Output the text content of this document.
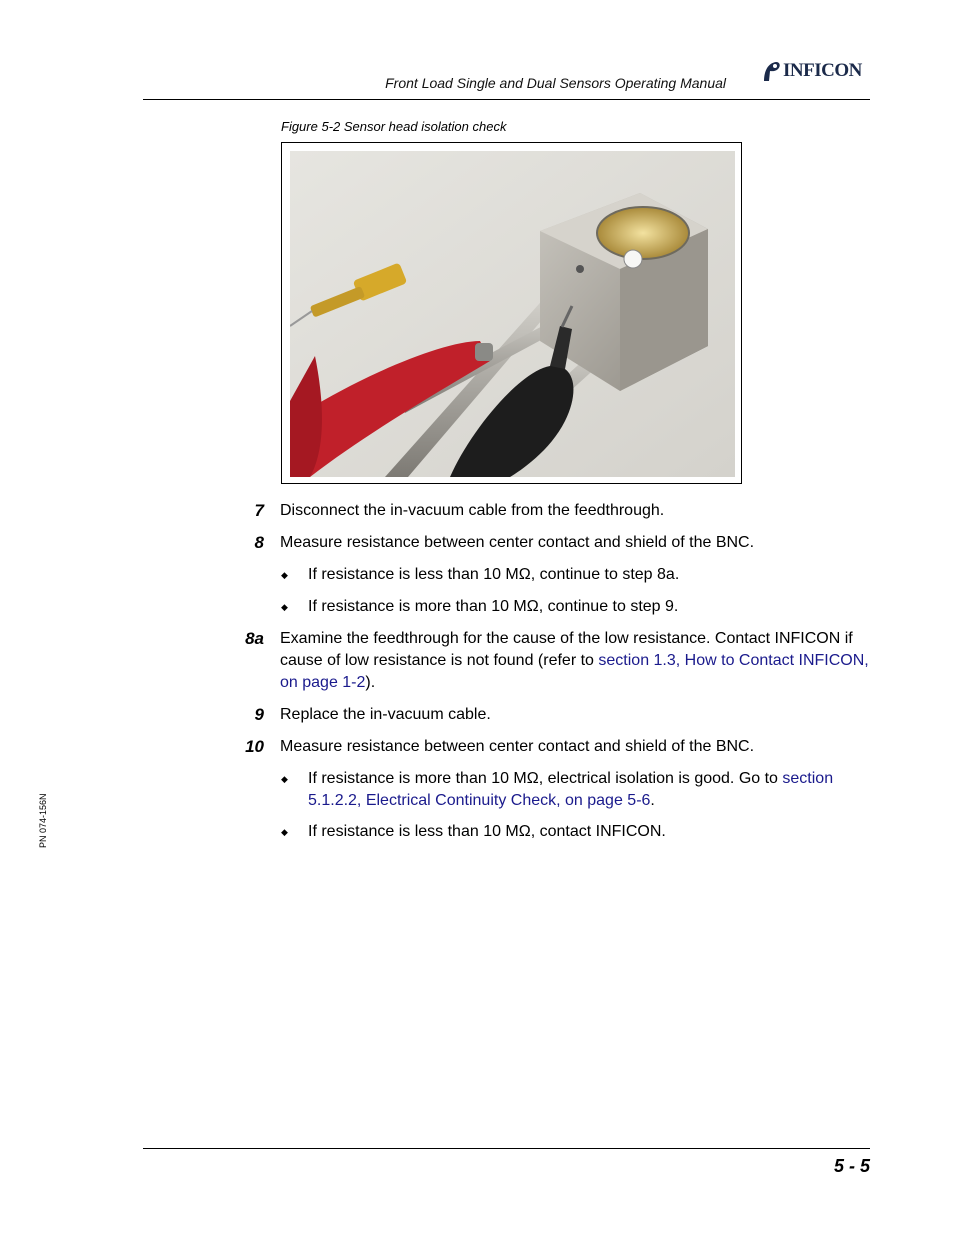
Front Load Single and Dual Sensors Operating Manual
INFICON
Figure 5-2 Sensor head isolation check
7 Disconnect the in-vacuum cable from the feedthrough.
8 Measure resistance between center contact and shield of the BNC.
◆ If resistance is less than 10 MΩ, continue to step 8a.
◆ If resistance is more than 10 MΩ, continue to step 9.
8a Examine the feedthrough for the cause of the low resistance. Contact INFICON if cause of low resistance is not found (refer to section 1.3, How to Contact INFICON, on page 1-2).
9 Replace the in-vacuum cable.
10 Measure resistance between center contact and shield of the BNC.
◆ If resistance is more than 10 MΩ, electrical isolation is good. Go to section 5.1.2.2, Electrical Continuity Check, on page 5-6.
◆ If resistance is less than 10 MΩ, contact INFICON.
PN 074-156N
5 - 5
